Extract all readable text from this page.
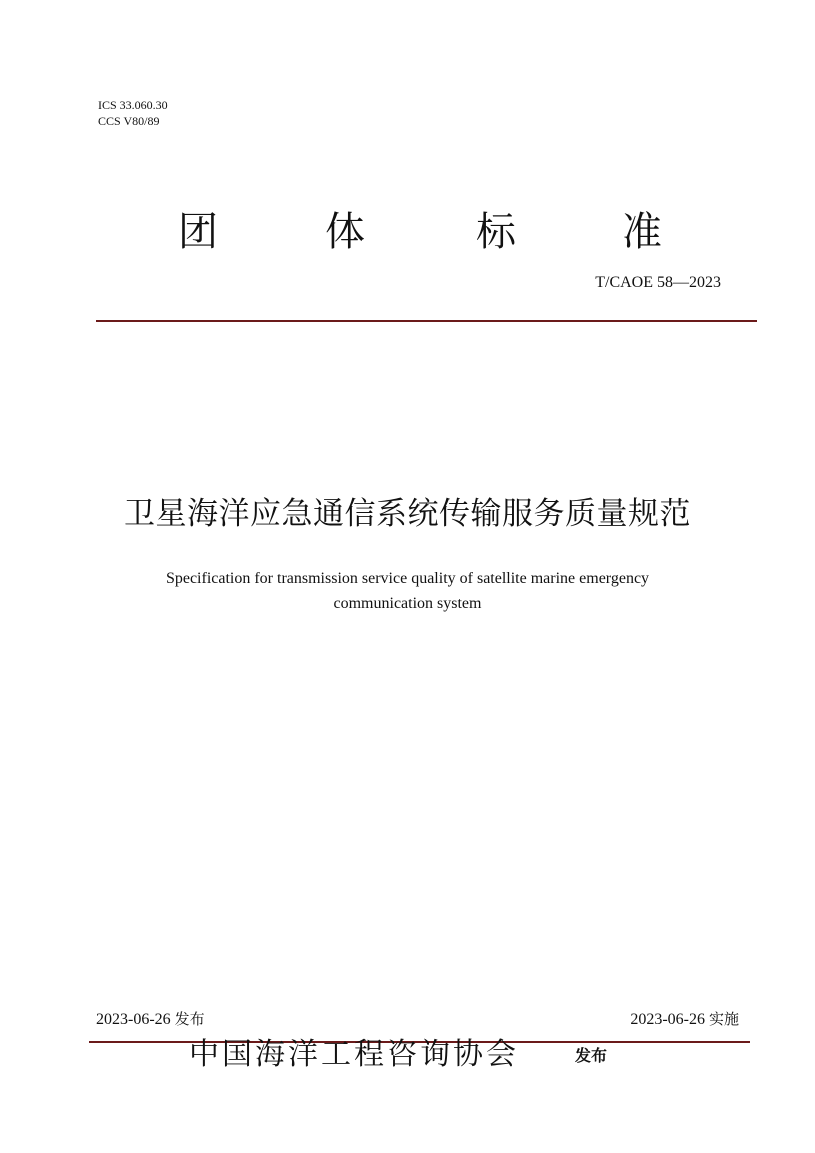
ICS 33.060.30
CCS V80/89
团	体	标	准
T/CAOE 58—2023
卫星海洋应急通信系统传输服务质量规范
Specification for transmission service quality of satellite marine emergency
communication system
2023-06-26 发布	2023-06-26 实施
中国海洋工程咨询协会	发布
